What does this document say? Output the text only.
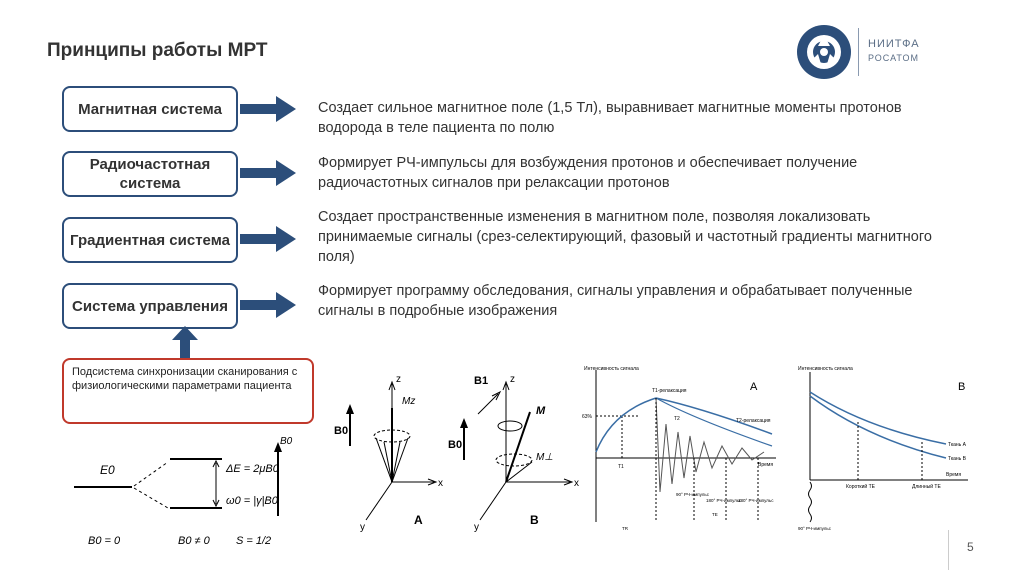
Принципы работы МРТ	НИИТФА
РОСАТОМ
Магнитная система
Радиочастотная система
Градиентная система
Система управления
Создает сильное магнитное поле (1,5 Тл), выравнивает магнитные моменты протонов водорода в теле пациента по полю
Формирует РЧ-импульсы для возбуждения протонов и обеспечивает получение радиочастотных сигналов при релаксации протонов
Создает пространственные изменения в магнитном поле, позволяя локализовать принимаемые сигналы (срез-селектирующий, фазовый и частотный градиенты магнитного поля)
Формирует программу обследования, сигналы управления и обрабатывает полученные сигналы в подробные изображения
Подсистема синхронизации сканирования с физиологическими параметрами пациента
E0
B0
ΔE = 2μB0
ω0 = |γ|B0
B0 = 0	B0 ≠ 0 S = 1/2
z
x
y
B0
Mz
A
z
x
y
B0
B1
M
M⊥
B
Интенсивность сигнала
Время
A
T1-релаксация
T2-релаксация
63%
T1
T2
90° РЧ-импульс
180° РЧ-импульс
180° РЧ-импульс
TE
TR
Интенсивность сигнала
Время
B
Ткань А
Ткань В
Короткий ТЕ	Длинный ТЕ
90° РЧ-импульс
5
